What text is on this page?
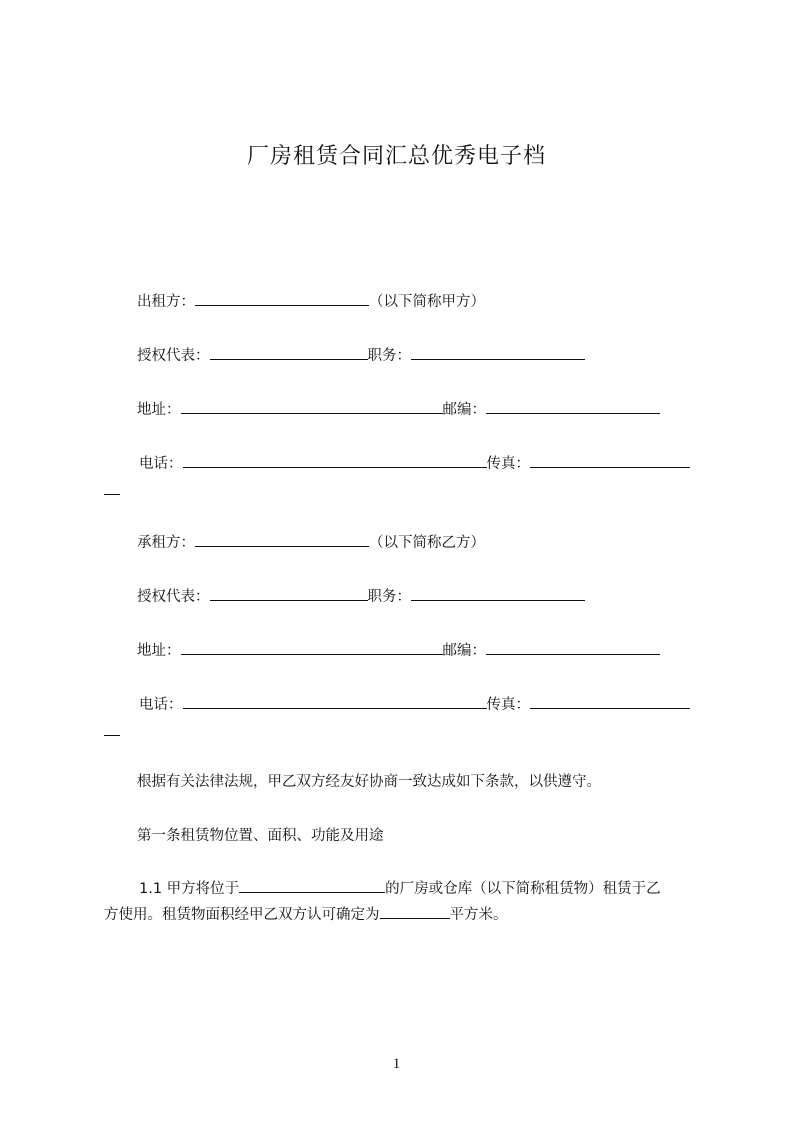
厂房租赁合同汇总优秀电子档
出租方：	（以下简称甲方）
授权代表：	职务：
地址：	邮编：
电话：	传真：
承租方：	（以下简称乙方）
授权代表：	职务：
地址：	邮编：
电话：	传真：
根据有关法律法规，甲乙双方经友好协商一致达成如下条款，以供遵守。
第一条租赁物位置、面积、功能及用途
1.1 甲方将位于	的厂房或仓库（以下简称租赁物）租赁于乙
方使用。租赁物面积经甲乙双方认可确定为	平方米。
1
